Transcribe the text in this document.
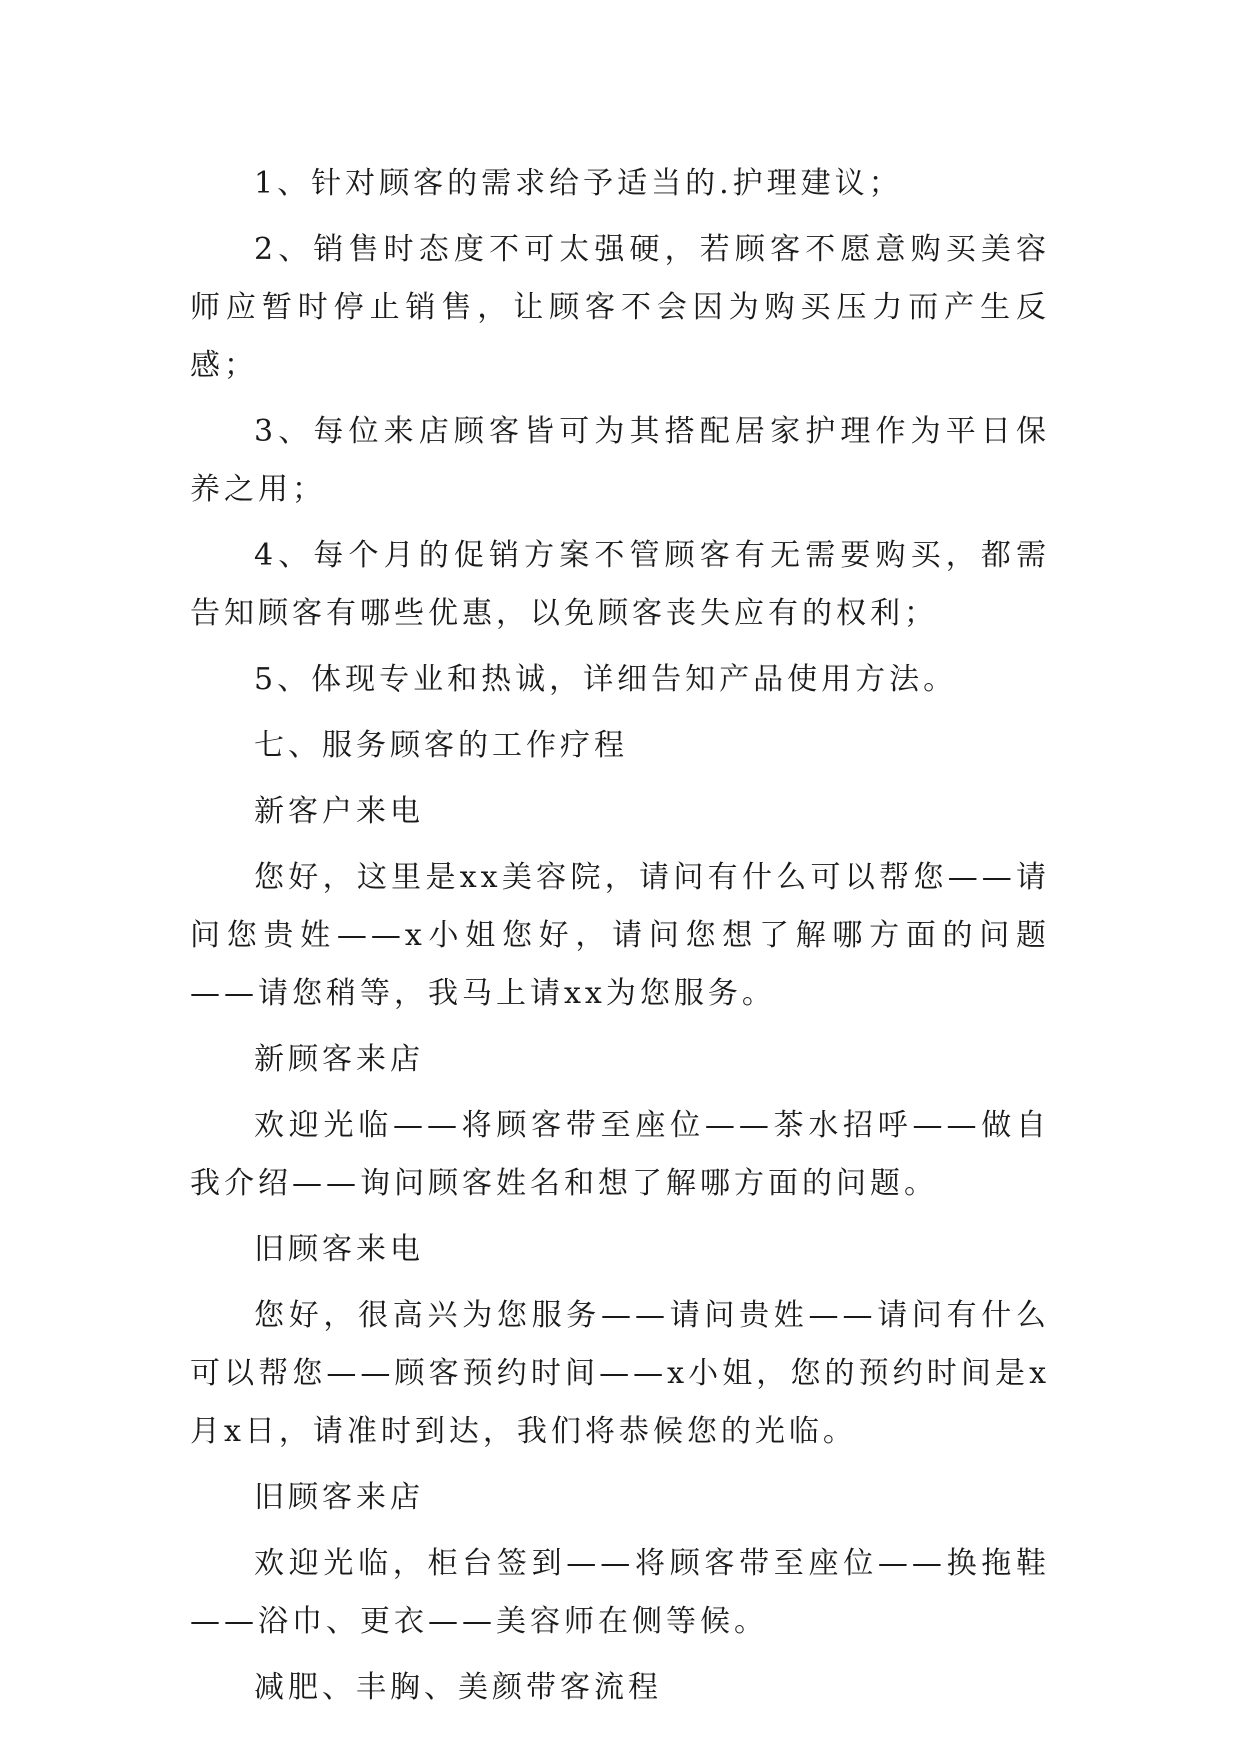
1、针对顾客的需求给予适当的.护理建议；

2、销售时态度不可太强硬，若顾客不愿意购买美容师应暂时停止销售，让顾客不会因为购买压力而产生反感；

3、每位来店顾客皆可为其搭配居家护理作为平日保养之用；

4、每个月的促销方案不管顾客有无需要购买，都需告知顾客有哪些优惠，以免顾客丧失应有的权利；

5、体现专业和热诚，详细告知产品使用方法。

七、服务顾客的工作疗程

新客户来电

您好，这里是xx美容院，请问有什么可以帮您——请问您贵姓——x小姐您好，请问您想了解哪方面的问题——请您稍等，我马上请xx为您服务。

新顾客来店

欢迎光临——将顾客带至座位——茶水招呼——做自我介绍——询问顾客姓名和想了解哪方面的问题。

旧顾客来电

您好，很高兴为您服务——请问贵姓——请问有什么可以帮您——顾客预约时间——x小姐，您的预约时间是x月x日，请准时到达，我们将恭候您的光临。

旧顾客来店

欢迎光临，柜台签到——将顾客带至座位——换拖鞋——浴巾、更衣——美容师在侧等候。

减肥、丰胸、美颜带客流程
